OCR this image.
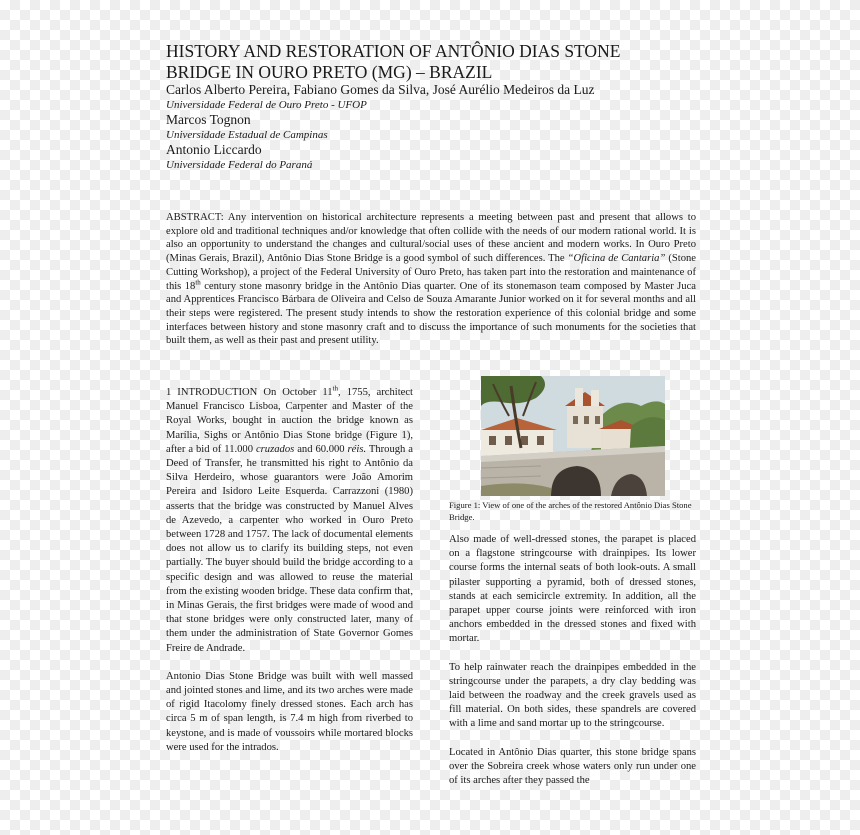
HISTORY AND RESTORATION OF ANTÔNIO DIAS STONE BRIDGE IN OURO PRETO (MG) – BRAZIL
Carlos Alberto Pereira, Fabiano Gomes da Silva, José Aurélio Medeiros da Luz
Universidade Federal de Ouro Preto - UFOP
Marcos Tognon
Universidade Estadual de Campinas
Antonio Liccardo
Universidade Federal do Paraná

ABSTRACT: Any intervention on historical architecture represents a meeting between past and present that allows to explore old and traditional techniques and/or knowledge that often collide with the needs of our modern rational world. It is also an opportunity to understand the changes and cultural/social uses of these ancient and modern works. In Ouro Preto (Minas Gerais, Brazil), Antônio Dias Stone Bridge is a good symbol of such differences. The “Oficina de Cantaria” (Stone Cutting Workshop), a project of the Federal University of Ouro Preto, has taken part into the restoration and maintenance of this 18th century stone masonry bridge in the Antônio Dias quarter. One of its stonemason team composed by Master Juca and Apprentices Francisco Bárbara de Oliveira and Celso de Souza Amarante Junior worked on it for several months and all their steps were registered. The present study intends to show the restoration experience of this colonial bridge and some interfaces between history and stone masonry craft and to discuss the importance of such monuments for the societies that built them, as well as their past and present utility.

1 INTRODUCTION On October 11th, 1755, architect Manuel Francisco Lisboa, Carpenter and Master of the Royal Works, bought in auction the bridge known as Marília, Sighs or Antônio Dias Stone bridge (Figure 1), after a bid of 11.000 cruzados and 60.000 réis. Through a Deed of Transfer, he transmitted his right to Antônio da Silva Herdeiro, whose guarantors were João Amorim Pereira and Isidoro Leite Esquerda. Carrazzoni (1980) asserts that the bridge was constructed by Manuel Alves de Azevedo, a carpenter who worked in Ouro Preto between 1728 and 1757. The lack of documental elements does not allow us to clarify its building steps, not even partially. The buyer should build the bridge according to a specific design and was allowed to reuse the material from the existing wooden bridge. These data confirm that, in Minas Gerais, the first bridges were made of wood and that stone bridges were only constructed later, many of them under the administration of State Governor Gomes Freire de Andrade.

Antonio Dias Stone Bridge was built with well massed and jointed stones and lime, and its two arches were made of rigid Itacolomy finely dressed stones. Each arch has circa 5 m of span length, is 7.4 m high from riverbed to keystone, and is made of voussoirs while mortared blocks were used for the intrados.

Figure 1: View of one of the arches of the restored Antônio Dias Stone Bridge.

Also made of well-dressed stones, the parapet is placed on a flagstone stringcourse with drainpipes. Its lower course forms the internal seats of both look-outs. A small pilaster supporting a pyramid, both of dressed stones, stands at each semicircle extremity. In addition, all the parapet upper course joints were reinforced with iron anchors embedded in the dressed stones and fixed with mortar.

To help rainwater reach the drainpipes embedded in the stringcourse under the parapets, a dry clay bedding was laid between the roadway and the creek gravels used as fill material. On both sides, these spandrels are covered with a lime and sand mortar up to the stringcourse.

Located in Antônio Dias quarter, this stone bridge spans over the Sobreira creek whose waters only run under one of its arches after they passed the
